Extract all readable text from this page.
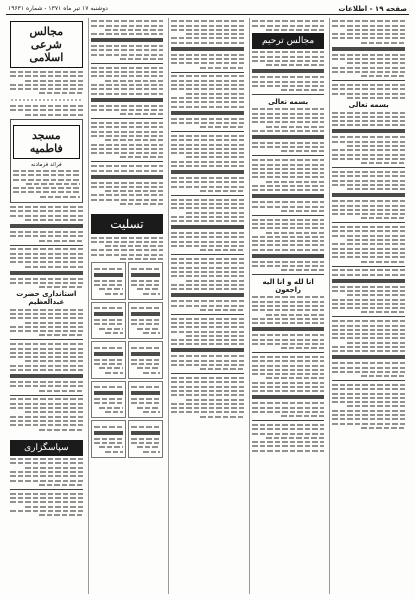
صفحه ۱۹ - اطلاعات
دوشنبه ۱۷ تیر ماه ۱۳۷۱ - شماره ۱۹۶۳۱
بسمه تعالی
مجالس ترحیم
بسمه تعالی
انا لله و انا الیه راجعون
تسلیت
مجالس شرعی اسلامی
مسجد فاطمیه
فرائد فرمادنه
استانداری حضرت عبدالعظیم
سپاسگزاری
